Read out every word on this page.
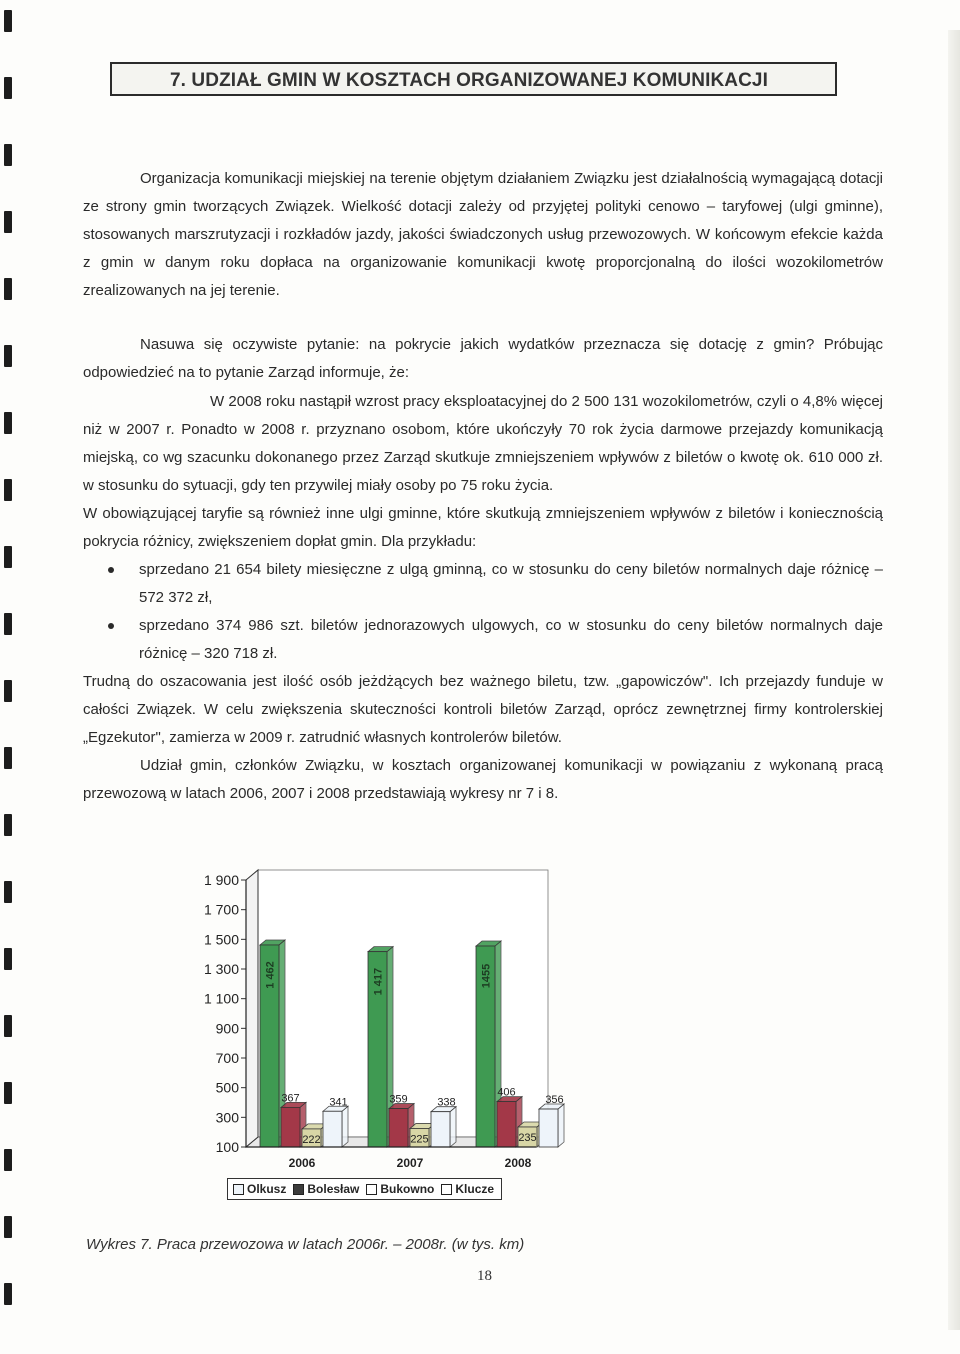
7. UDZIAŁ GMIN W KOSZTACH ORGANIZOWANEJ KOMUNIKACJI

Organizacja komunikacji miejskiej na terenie objętym działaniem Związku jest działalnością wymagającą dotacji ze strony gmin tworzących Związek. Wielkość dotacji zależy od przyjętej polityki cenowo – taryfowej (ulgi gminne), stosowanych marszrutyzacji i rozkładów jazdy, jakości świadczonych usług przewozowych. W końcowym efekcie każda z gmin w danym roku dopłaca na organizowanie komunikacji kwotę proporcjonalną do ilości wozokilometrów zrealizowanych na jej terenie.

Nasuwa się oczywiste pytanie: na pokrycie jakich wydatków przeznacza się dotację z gmin? Próbując odpowiedzieć na to pytanie Zarząd informuje, że:

W 2008 roku nastąpił wzrost pracy eksploatacyjnej do 2 500 131 wozokilometrów, czyli o 4,8% więcej niż w 2007 r. Ponadto w 2008 r. przyznano osobom, które ukończyły 70 rok życia darmowe przejazdy komunikacją miejską, co wg szacunku dokonanego przez Zarząd skutkuje zmniejszeniem wpływów z biletów o kwotę ok. 610 000 zł. w stosunku do sytuacji, gdy ten przywilej miały osoby po 75 roku życia.

W obowiązującej taryfie są również inne ulgi gminne, które skutkują zmniejszeniem wpływów z biletów i koniecznością pokrycia różnicy, zwiększeniem dopłat gmin. Dla przykładu:

sprzedano 21 654 bilety miesięczne z ulgą gminną, co w stosunku do ceny biletów normalnych daje różnicę – 572 372 zł,
sprzedano 374 986 szt. biletów jednorazowych ulgowych, co w stosunku do ceny biletów normalnych daje różnicę – 320 718 zł.

Trudną do oszacowania jest ilość osób jeżdżących bez ważnego biletu, tzw. „gapowiczów". Ich przejazdy funduje w całości Związek. W celu zwiększenia skuteczności kontroli biletów Zarząd, oprócz zewnętrznej firmy kontrolerskiej „Egzekutor", zamierza w 2009 r. zatrudnić własnych kontrolerów biletów.

Udział gmin, członków Związku, w kosztach organizowanej komunikacji w powiązaniu z wykonaną pracą przewozową w latach 2006, 2007 i 2008 przedstawiają wykresy nr 7 i 8.

1 900
1 700
1 500
1 300
1 100
900
700
500
300
100
1 462
367
222
341
2006
1 417
359
225
338
2007
1455
406
235
356
2008
Olkusz Bolesław Bukowno Klucze
Wykres 7. Praca przewozowa w latach 2006r. – 2008r. (w tys. km)
18
